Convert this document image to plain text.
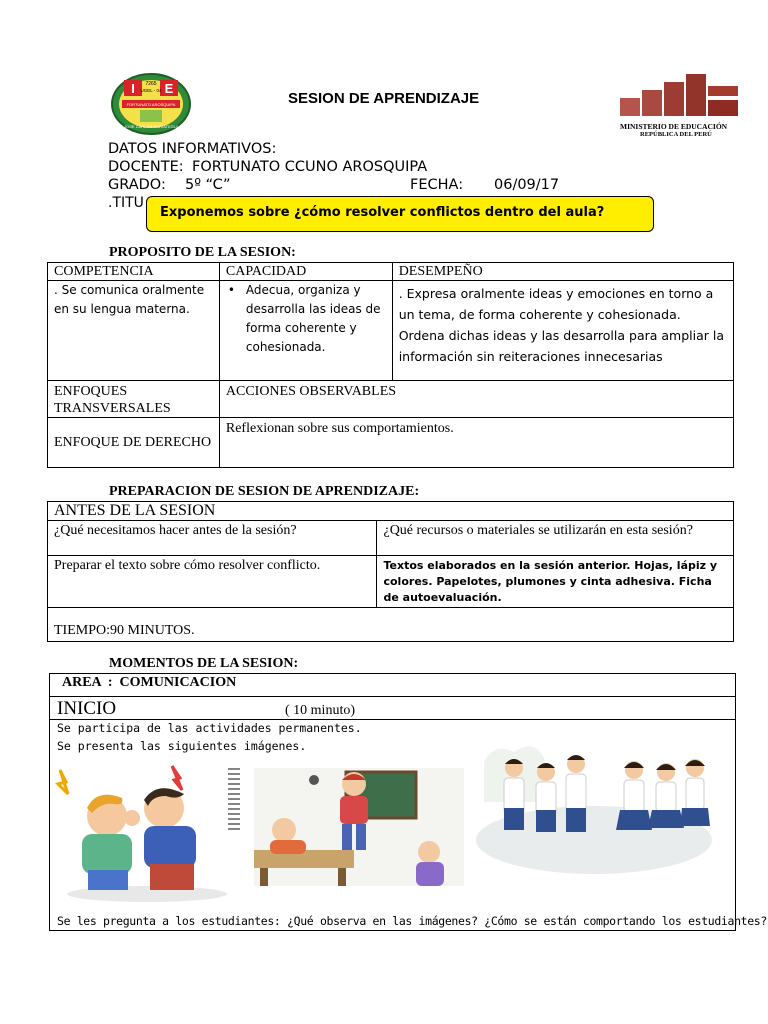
I E
7265
UGEL - 04
FORTUNATO AROSQUIPA
JOSE CARLOS MARIATEGUI
SESION DE APRENDIZAJE
MINISTERIO DE EDUCACIÓN
REPÚBLICA DEL PERÚ
DATOS INFORMATIVOS:
DOCENTE: FORTUNATO CCUNO AROSQUIPA
GRADO: 5º “C”	FECHA: 06/09/17
.TITU
Exponemos sobre ¿cómo resolver conflictos dentro del aula?
PROPOSITO DE LA SESION:
COMPETENCIA	CAPACIDAD	DESEMPEÑO
. Se comunica oralmente en su lengua materna.	• Adecua, organiza y desarrolla las ideas de forma coherente y cohesionada.	. Expresa oralmente ideas y emociones en torno a un tema, de forma coherente y cohesionada. Ordena dichas ideas y las desarrolla para ampliar la información sin reiteraciones innecesarias
ENFOQUES TRANSVERSALES	ACCIONES OBSERVABLES	
ENFOQUE DE DERECHO	Reflexionan sobre sus comportamientos.	
PREPARACION DE SESION DE APRENDIZAJE:
ANTES DE LA SESION	
¿Qué necesitamos hacer antes de la sesión?	¿Qué recursos o materiales se utilizarán en esta sesión?
Preparar el texto sobre cómo resolver conflicto.	Textos elaborados en la sesión anterior. Hojas, lápiz y colores. Papelotes, plumones y cinta adhesiva. Ficha de autoevaluación.
TIEMPO:90 MINUTOS.	
MOMENTOS DE LA SESION:
AREA  :  COMUNICACION
INICIO	( 10 minuto)
Se participa de las actividades permanentes.
Se presenta las siguientes imágenes.
Se les pregunta a los estudiantes: ¿Qué observa en las imágenes? ¿Cómo se están comportando los estudiantes?
